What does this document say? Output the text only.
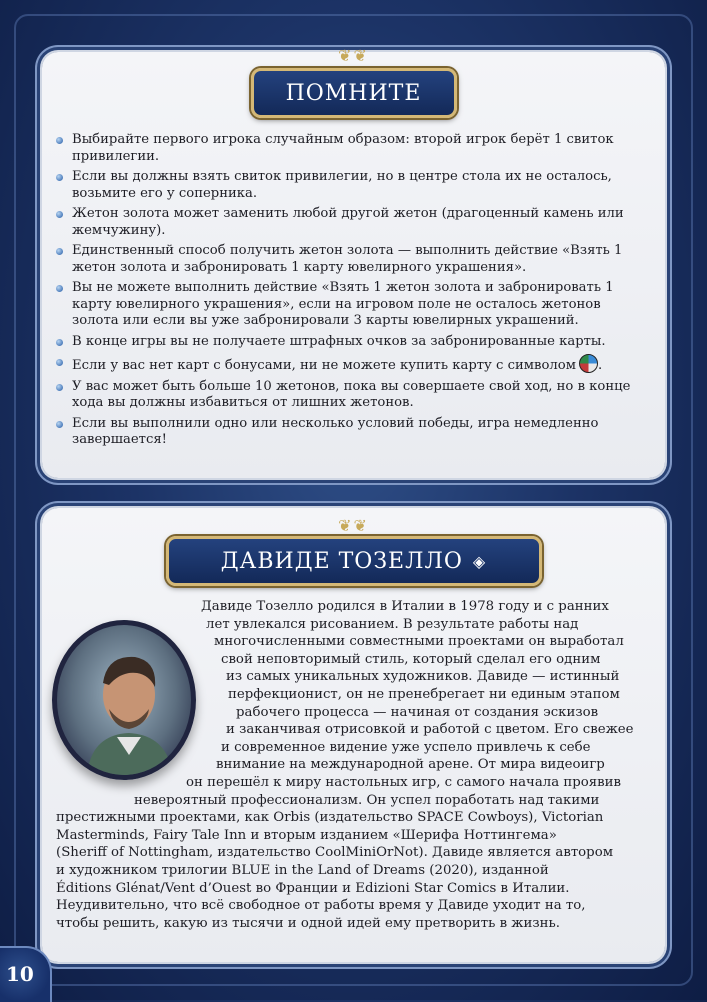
❦❦
ПОМНИТЕ
Выбирайте первого игрока случайным образом: второй игрок берёт 1 свиток привилегии.
Если вы должны взять свиток привилегии, но в центре стола их не осталось, возьмите его у соперника.
Жетон золота может заменить любой другой жетон (драгоценный камень или жемчужину).
Единственный способ получить жетон золота — выполнить действие «Взять 1 жетон золота и забронировать 1 карту ювелирного украшения».
Вы не можете выполнить действие «Взять 1 жетон золота и забронировать 1 карту ювелирного украшения», если на игровом поле не осталось жетонов золота или если вы уже забронировали 3 карты ювелирных украшений.
В конце игры вы не получаете штрафных очков за забронированные карты.
Если у вас нет карт с бонусами, ни не можете купить карту с символом .
У вас может быть больше 10 жетонов, пока вы совершаете свой ход, но в конце хода вы должны избавиться от лишних жетонов.
Если вы выполнили одно или несколько условий победы, игра немедленно завершается!
❦❦
ДАВИДЕ ТОЗЕЛЛО ◈
Давиде Тозелло родился в Италии в 1978 году и с ранних
лет увлекался рисованием. В результате работы над
многочисленными совместными проектами он выработал
свой неповторимый стиль, который сделал его одним
из самых уникальных художников. Давиде — истинный
перфекционист, он не пренебрегает ни единым этапом
рабочего процесса — начиная от создания эскизов
и заканчивая отрисовкой и работой с цветом. Его свежее
и современное видение уже успело привлечь к себе
внимание на международной арене. От мира видеоигр
он перешёл к миру настольных игр, с самого начала проявив
невероятный профессионализм. Он успел поработать над такими
престижными проектами, как Orbis (издательство SPACE Cowboys), Victorian
Masterminds, Fairy Tale Inn и вторым изданием «Шерифа Ноттингема»
(Sheriff of Nottingham, издательство CoolMiniOrNot). Давиде является автором
и художником трилогии BLUE in the Land of Dreams (2020), изданной
Éditions Glénat/Vent d’Ouest во Франции и Edizioni Star Comics в Италии.
Неудивительно, что всё свободное от работы время у Давиде уходит на то,
чтобы решить, какую из тысячи и одной идей ему претворить в жизнь.
10
